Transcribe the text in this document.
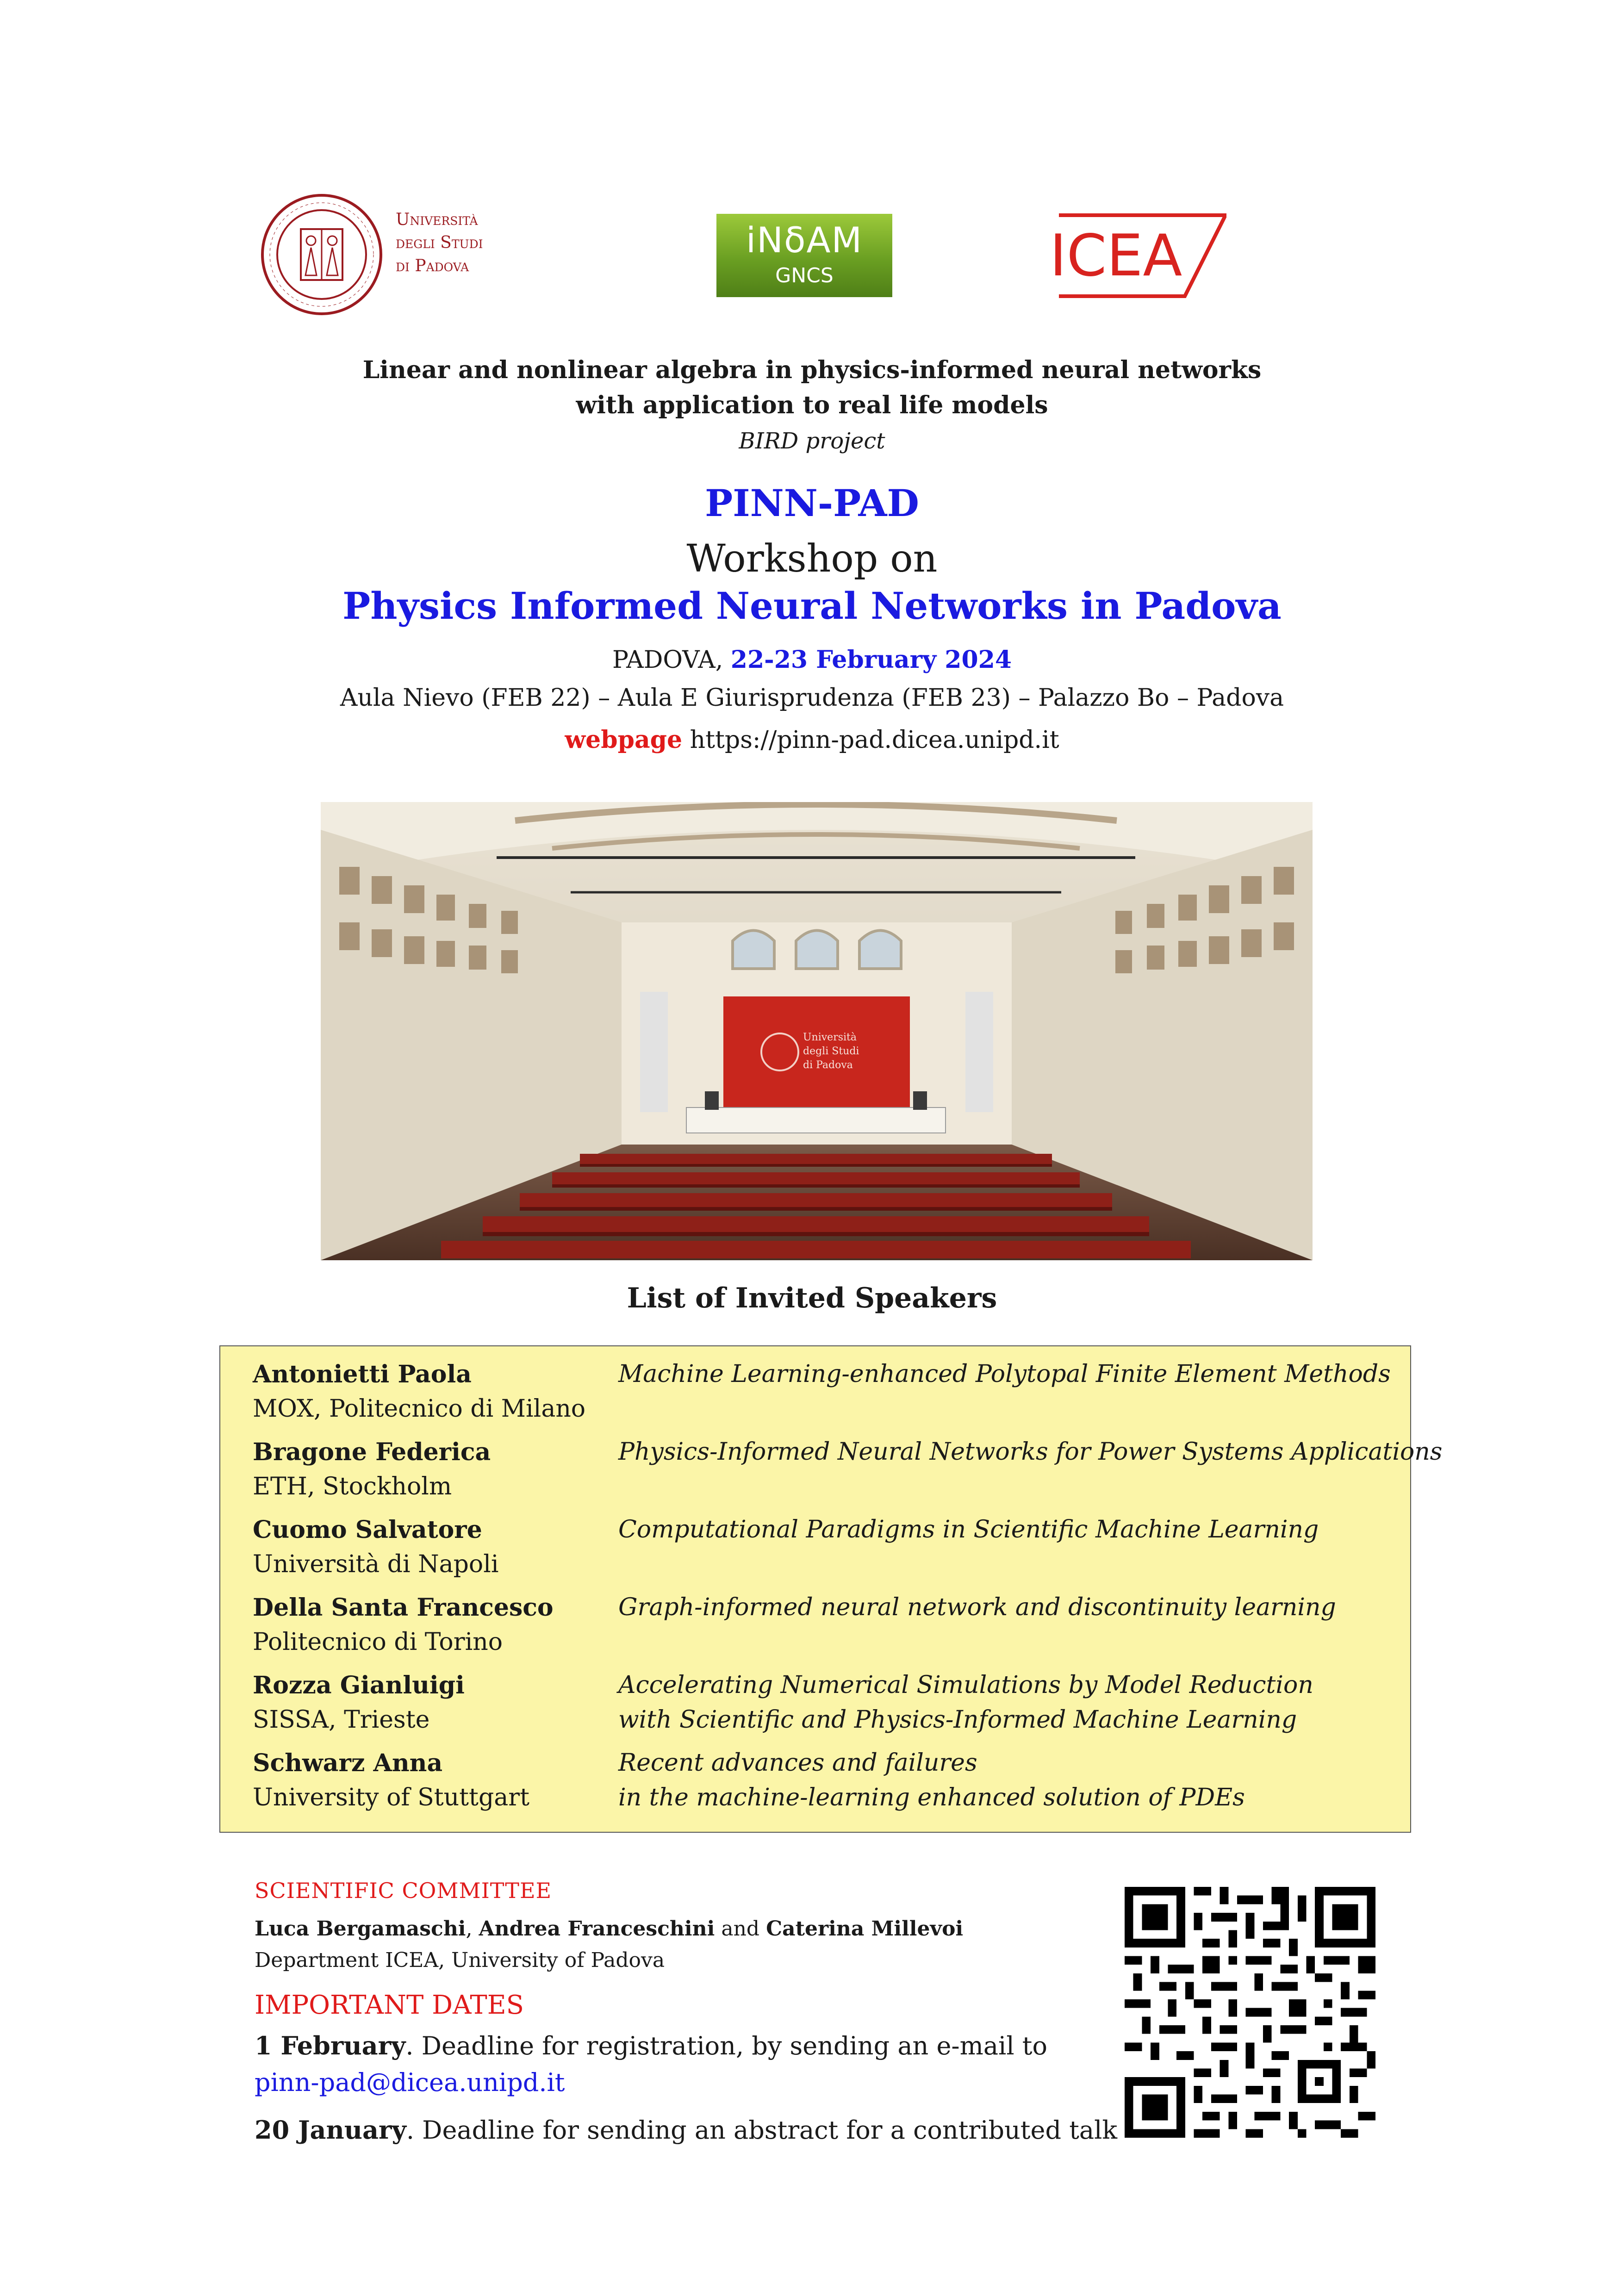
Università
degli Studi
di Padova
iNδAM
GNCS	ICEA
Linear and nonlinear algebra in physics-informed neural networks
with application to real life models
BIRD project
PINN-PAD
Workshop on
Physics Informed Neural Networks in Padova
PADOVA, 22-23 February 2024
Aula Nievo (FEB 22) – Aula E Giurisprudenza (FEB 23) – Palazzo Bo – Padova
webpage https://pinn-pad.dicea.unipd.it
Università
degli Studi
di Padova
List of Invited Speakers
Antonietti Paola
MOX, Politecnico di Milano
Machine Learning-enhanced Polytopal Finite Element Methods
Bragone Federica
ETH, Stockholm
Physics-Informed Neural Networks for Power Systems Applications
Cuomo Salvatore
Università di Napoli
Computational Paradigms in Scientific Machine Learning
Della Santa Francesco
Politecnico di Torino
Graph-informed neural network and discontinuity learning
Rozza Gianluigi
SISSA, Trieste
Accelerating Numerical Simulations by Model Reduction
with Scientific and Physics-Informed Machine Learning
Schwarz Anna
University of Stuttgart
Recent advances and failures
in the machine-learning enhanced solution of PDEs
SCIENTIFIC COMMITTEE
Luca Bergamaschi, Andrea Franceschini and Caterina Millevoi
Department ICEA, University of Padova
IMPORTANT DATES
1 February. Deadline for registration, by sending an e-mail to
pinn-pad@dicea.unipd.it
20 January. Deadline for sending an abstract for a contributed talk
